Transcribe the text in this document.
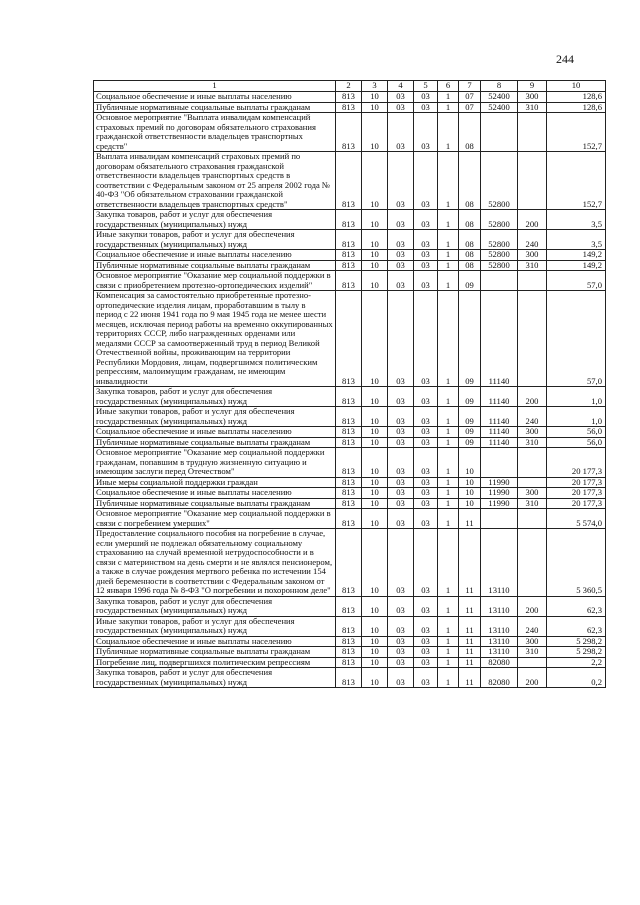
244
1	2	3	4	5	6	7	8	9	10
Социальное обеспечение и иные выплаты населению	813	10	03	03	1	07	52400	300	128,6
Публичные нормативные социальные выплаты гражданам	813	10	03	03	1	07	52400	310	128,6
Основное мероприятие "Выплата инвалидам компенсаций страховых премий по договорам обязательного страхования гражданской ответственности владельцев транспортных средств"	813	10	03	03	1	08			152,7
Выплата инвалидам компенсаций страховых премий по договорам обязательного страхования гражданской ответственности владельцев транспортных средств в соответствии с Федеральным законом от 25 апреля 2002 года № 40-ФЗ "Об обязательном страховании гражданской ответственности владельцев транспортных средств"	813	10	03	03	1	08	52800		152,7
Закупка товаров, работ и услуг для обеспечения государственных (муниципальных) нужд	813	10	03	03	1	08	52800	200	3,5
Иные закупки товаров, работ и услуг для обеспечения государственных (муниципальных) нужд	813	10	03	03	1	08	52800	240	3,5
Социальное обеспечение и иные выплаты населению	813	10	03	03	1	08	52800	300	149,2
Публичные нормативные социальные выплаты гражданам	813	10	03	03	1	08	52800	310	149,2
Основное мероприятие "Оказание мер социальной поддержки в связи с приобретением протезно-ортопедических изделий"	813	10	03	03	1	09			57,0
Компенсация за самостоятельно приобретенные протезно-ортопедические изделия лицам, проработавшим в тылу в период с 22 июня 1941 года по 9 мая 1945 года не менее шести месяцев, исключая период работы на временно оккупированных территориях СССР, либо награжденных орденами или медалями СССР за самоотверженный труд в период Великой Отечественной войны, проживающим на территории Республики Мордовия, лицам, подвергшимся политическим репрессиям, малоимущим гражданам, не имеющим инвалидности	813	10	03	03	1	09	11140		57,0
Закупка товаров, работ и услуг для обеспечения государственных (муниципальных) нужд	813	10	03	03	1	09	11140	200	1,0
Иные закупки товаров, работ и услуг для обеспечения государственных (муниципальных) нужд	813	10	03	03	1	09	11140	240	1,0
Социальное обеспечение и иные выплаты населению	813	10	03	03	1	09	11140	300	56,0
Публичные нормативные социальные выплаты гражданам	813	10	03	03	1	09	11140	310	56,0
Основное мероприятие "Оказание мер социальной поддержки гражданам, попавшим в трудную жизненную ситуацию и имеющим заслуги перед Отечеством"	813	10	03	03	1	10			20 177,3
Иные меры социальной поддержки граждан	813	10	03	03	1	10	11990		20 177,3
Социальное обеспечение и иные выплаты населению	813	10	03	03	1	10	11990	300	20 177,3
Публичные нормативные социальные выплаты гражданам	813	10	03	03	1	10	11990	310	20 177,3
Основное мероприятие "Оказание мер социальной поддержки в связи с погребением умерших"	813	10	03	03	1	11			5 574,0
Предоставление социального пособия на погребение в случае, если умерший не подлежал обязательному социальному страхованию на случай временной нетрудоспособности и в связи с материнством на день смерти и не являлся пенсионером, а также в случае рождения мертвого ребенка по истечении 154 дней беременности в соответствии с Федеральным законом от 12 января 1996 года № 8-ФЗ "О погребении и похоронном деле"	813	10	03	03	1	11	13110		5 360,5
Закупка товаров, работ и услуг для обеспечения государственных (муниципальных) нужд	813	10	03	03	1	11	13110	200	62,3
Иные закупки товаров, работ и услуг для обеспечения государственных (муниципальных) нужд	813	10	03	03	1	11	13110	240	62,3
Социальное обеспечение и иные выплаты населению	813	10	03	03	1	11	13110	300	5 298,2
Публичные нормативные социальные выплаты гражданам	813	10	03	03	1	11	13110	310	5 298,2
Погребение лиц, подвергшихся политическим репрессиям	813	10	03	03	1	11	82080		2,2
Закупка товаров, работ и услуг для обеспечения государственных (муниципальных) нужд	813	10	03	03	1	11	82080	200	0,2
